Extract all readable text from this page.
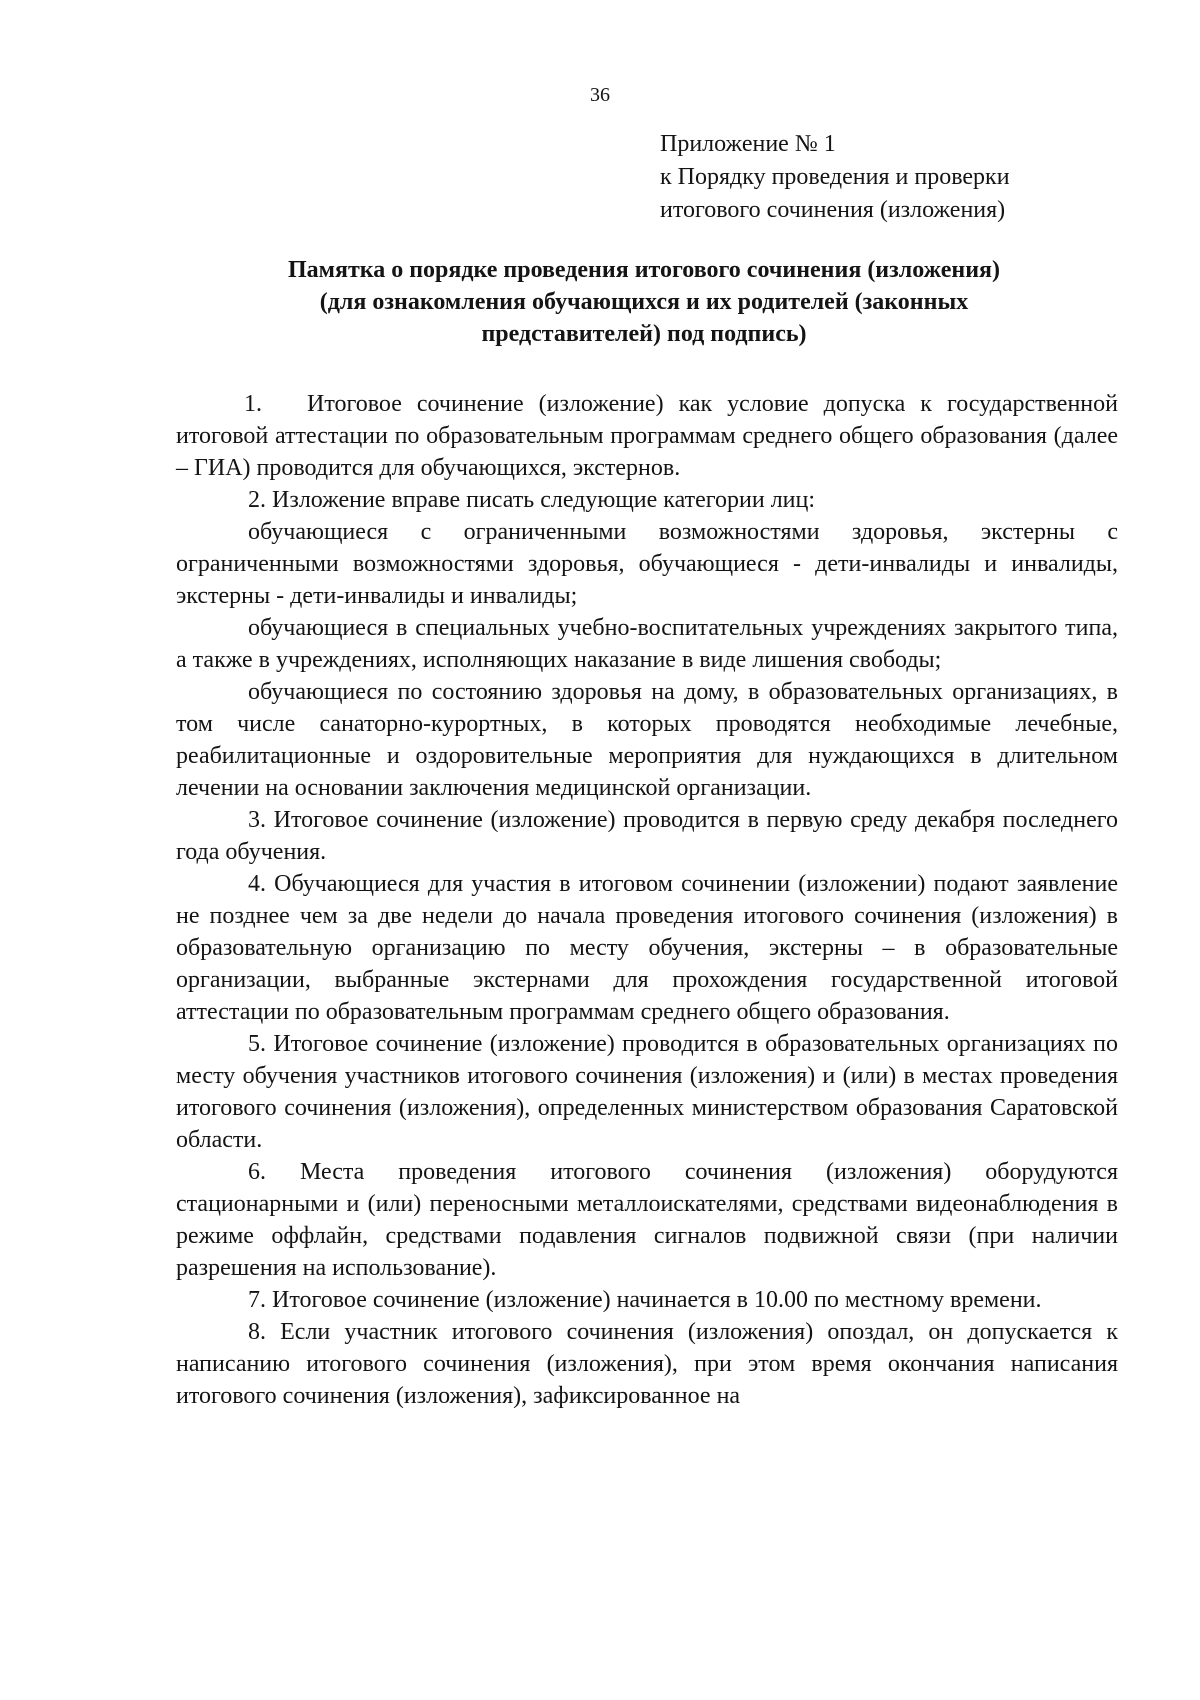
36
Приложение № 1
к Порядку проведения и проверки
итогового сочинения (изложения)
Памятка о порядке проведения итогового сочинения (изложения)
(для ознакомления обучающихся и их родителей (законных
представителей) под подпись)

1.   Итоговое сочинение (изложение) как условие допуска к государственной итоговой аттестации по образовательным программам среднего общего образования (далее – ГИА) проводится для обучающихся, экстернов.

2. Изложение вправе писать следующие категории лиц:

обучающиеся с ограниченными возможностями здоровья, экстерны с ограниченными возможностями здоровья, обучающиеся - дети-инвалиды и инвалиды, экстерны - дети-инвалиды и инвалиды;

обучающиеся в специальных учебно-воспитательных учреждениях закрытого типа, а также в учреждениях, исполняющих наказание в виде лишения свободы;

обучающиеся по состоянию здоровья на дому, в образовательных организациях, в том числе санаторно-курортных, в которых проводятся необходимые лечебные, реабилитационные и оздоровительные мероприятия для нуждающихся в длительном лечении на основании заключения медицинской организации.

3. Итоговое сочинение (изложение) проводится в первую среду декабря последнего года обучения.

4. Обучающиеся для участия в итоговом сочинении (изложении) подают заявление не позднее чем за две недели до начала проведения итогового сочинения (изложения) в образовательную организацию по месту обучения, экстерны – в образовательные организации, выбранные экстернами для прохождения государственной итоговой аттестации по образовательным программам среднего общего образования.

5. Итоговое сочинение (изложение) проводится в образовательных организациях по месту обучения участников итогового сочинения (изложения) и (или) в местах проведения итогового сочинения (изложения), определенных министерством образования Саратовской области.

6. Места проведения итогового сочинения (изложения) оборудуются стационарными и (или) переносными металлоискателями, средствами видеонаблюдения в режиме оффлайн, средствами подавления сигналов подвижной связи (при наличии разрешения на использование).

7. Итоговое сочинение (изложение) начинается в 10.00 по местному времени.

8. Если участник итогового сочинения (изложения) опоздал, он допускается к написанию итогового сочинения (изложения), при этом время окончания написания итогового сочинения (изложения), зафиксированное на
